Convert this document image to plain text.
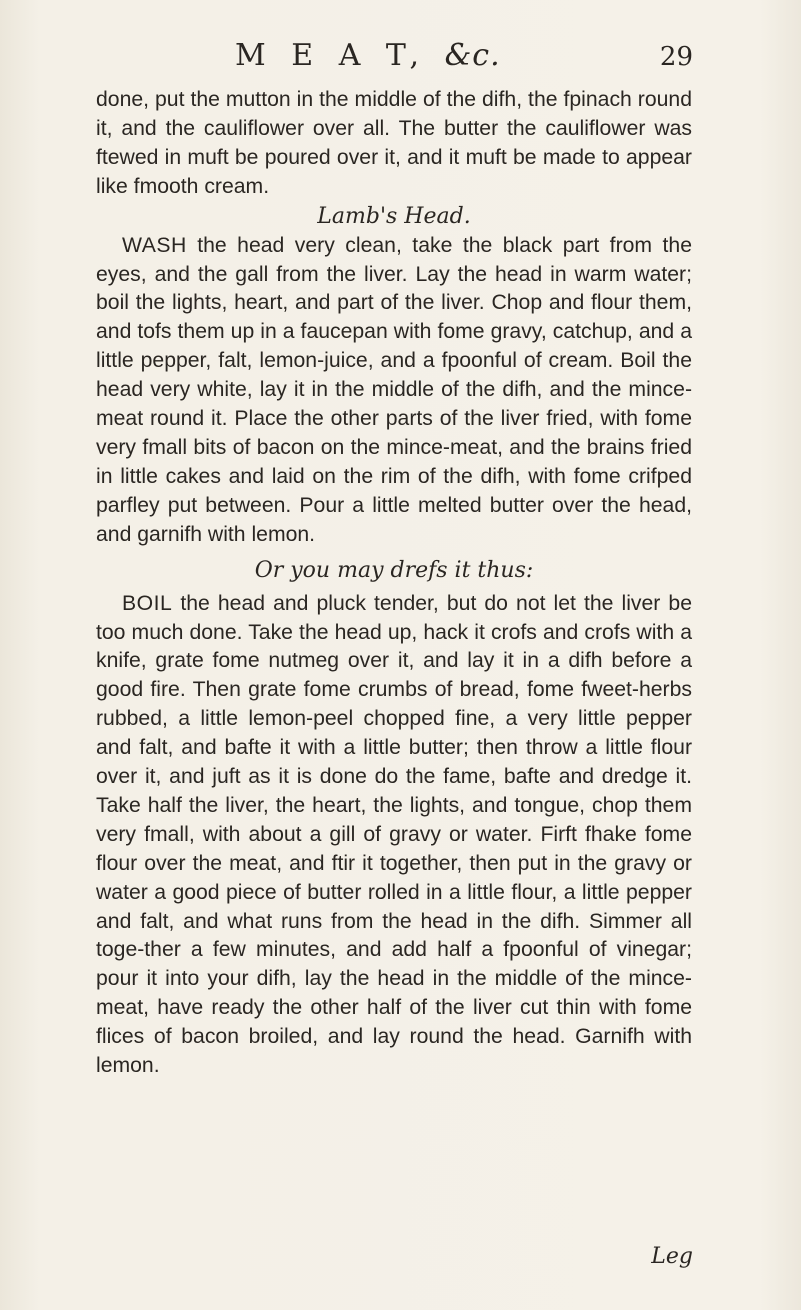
M E A T, &c.	29

done, put the mutton in the middle of the difh, the fpinach round it, and the cauliflower over all. The butter the cauliflower was ftewed in muft be poured over it, and it muft be made to appear like fmooth cream.

Lamb's Head.

WASH the head very clean, take the black part from the eyes, and the gall from the liver. Lay the head in warm water; boil the lights, heart, and part of the liver. Chop and flour them, and tofs them up in a faucepan with fome gravy, catchup, and a little pepper, falt, lemon-juice, and a fpoonful of cream. Boil the head very white, lay it in the middle of the difh, and the mince-meat round it. Place the other parts of the liver fried, with fome very fmall bits of bacon on the mince-meat, and the brains fried in little cakes and laid on the rim of the difh, with fome crifped parfley put between. Pour a little melted butter over the head, and garnifh with lemon.

Or you may drefs it thus:

BOIL the head and pluck tender, but do not let the liver be too much done. Take the head up, hack it crofs and crofs with a knife, grate fome nutmeg over it, and lay it in a difh before a good fire. Then grate fome crumbs of bread, fome fweet-herbs rubbed, a little lemon-peel chopped fine, a very little pepper and falt, and bafte it with a little butter; then throw a little flour over it, and juft as it is done do the fame, bafte and dredge it. Take half the liver, the heart, the lights, and tongue, chop them very fmall, with about a gill of gravy or water. Firft fhake fome flour over the meat, and ftir it together, then put in the gravy or water a good piece of butter rolled in a little flour, a little pepper and falt, and what runs from the head in the difh. Simmer all toge-ther a few minutes, and add half a fpoonful of vinegar; pour it into your difh, lay the head in the middle of the mince-meat, have ready the other half of the liver cut thin with fome flices of bacon broiled, and lay round the head. Garnifh with lemon.

Leg
